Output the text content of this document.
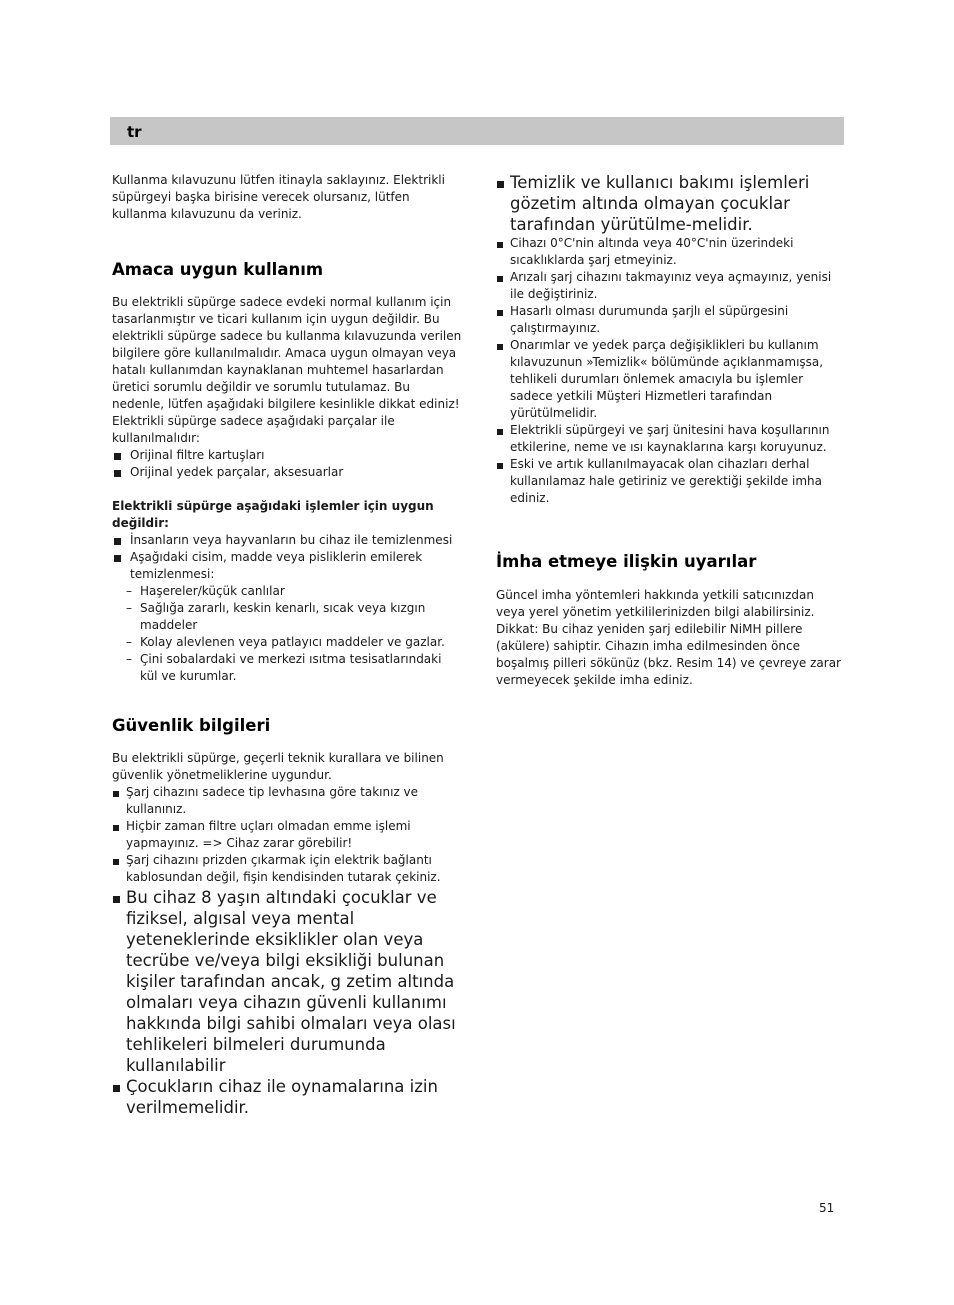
tr

Kullanma kılavuzunu lütfen itinayla saklayınız. Elektrikli süpürgeyi başka birisine verecek olursanız, lütfen kullanma kılavuzunu da veriniz.

Amaca uygun kullanım

Bu elektrikli süpürge sadece evdeki normal kullanım için tasarlanmıştır ve ticari kullanım için uygun değildir. Bu elektrikli süpürge sadece bu kullanma kılavuzunda verilen bilgilere göre kullanılmalıdır. Amaca uygun olmayan veya hatalı kullanımdan kaynaklanan muhtemel hasarlardan üretici sorumlu değildir ve sorumlu tutulamaz. Bu nedenle, lütfen aşağıdaki bilgilere kesinlikle dikkat ediniz!

Elektrikli süpürge sadece aşağıdaki parçalar ile kullanılmalıdır:

Orijinal filtre kartuşları
Orijinal yedek parçalar, aksesuarlar

Elektrikli süpürge aşağıdaki işlemler için uygun değildir:

İnsanların veya hayvanların bu cihaz ile temizlenmesi
Aşağıdaki cisim, madde veya pisliklerin emilerek temizlenmesi:
– Haşereler/küçük canlılar
– Sağlığa zararlı, keskin kenarlı, sıcak veya kızgın maddeler
– Kolay alevlenen veya patlayıcı maddeler ve gazlar.
– Çini sobalardaki ve merkezi ısıtma tesisatlarındaki kül ve kurumlar.
Güvenlik bilgileri

Bu elektrikli süpürge, geçerli teknik kurallara ve bilinen güvenlik yönetmeliklerine uygundur.

Şarj cihazını sadece tip levhasına göre takınız ve kullanınız.
Hiçbir zaman filtre uçları olmadan emme işlemi yapmayınız. => Cihaz zarar görebilir!
Şarj cihazını prizden çıkarmak için elektrik bağlantı kablosundan değil, fişin kendisinden tutarak çekiniz.
Bu cihaz 8 yaşın altındaki çocuklar ve fiziksel, algısal veya mental yeteneklerinde eksiklikler olan veya tecrübe ve/veya bilgi eksikliği bulunan kişiler tarafından ancak, g zetim altında olmaları veya cihazın güvenli kullanımı hakkında bilgi sahibi olmaları veya olası tehlikeleri bilmeleri durumunda kullanılabilir
Çocukların cihaz ile oynamalarına izin verilmemelidir.
Temizlik ve kullanıcı bakımı işlemleri gözetim altında olmayan çocuklar tarafından yürütülme-melidir.
Cihazı 0°C'nin altında veya 40°C'nin üzerindeki sıcaklıklarda şarj etmeyiniz.
Arızalı şarj cihazını takmayınız veya açmayınız, yenisi ile değiştiriniz.
Hasarlı olması durumunda şarjlı el süpürgesini çalıştırmayınız.
Onarımlar ve yedek parça değişiklikleri bu kullanım kılavuzunun »Temizlik« bölümünde açıklanmamışsa, tehlikeli durumları önlemek amacıyla bu işlemler sadece yetkili Müşteri Hizmetleri tarafından yürütülmelidir.
Elektrikli süpürgeyi ve şarj ünitesini hava koşullarının etkilerine, neme ve ısı kaynaklarına karşı koruyunuz.
Eski ve artık kullanılmayacak olan cihazları derhal kullanılamaz hale getiriniz ve gerektiği şekilde imha ediniz.
İmha etmeye ilişkin uyarılar

Güncel imha yöntemleri hakkında yetkili satıcınızdan veya yerel yönetim yetkililerinizden bilgi alabilirsiniz. Dikkat: Bu cihaz yeniden şarj edilebilir NiMH pillere (akülere) sahiptir. Cihazın imha edilmesinden önce boşalmış pilleri sökünüz (bkz. Resim 14) ve çevreye zarar vermeyecek şekilde imha ediniz.

51
